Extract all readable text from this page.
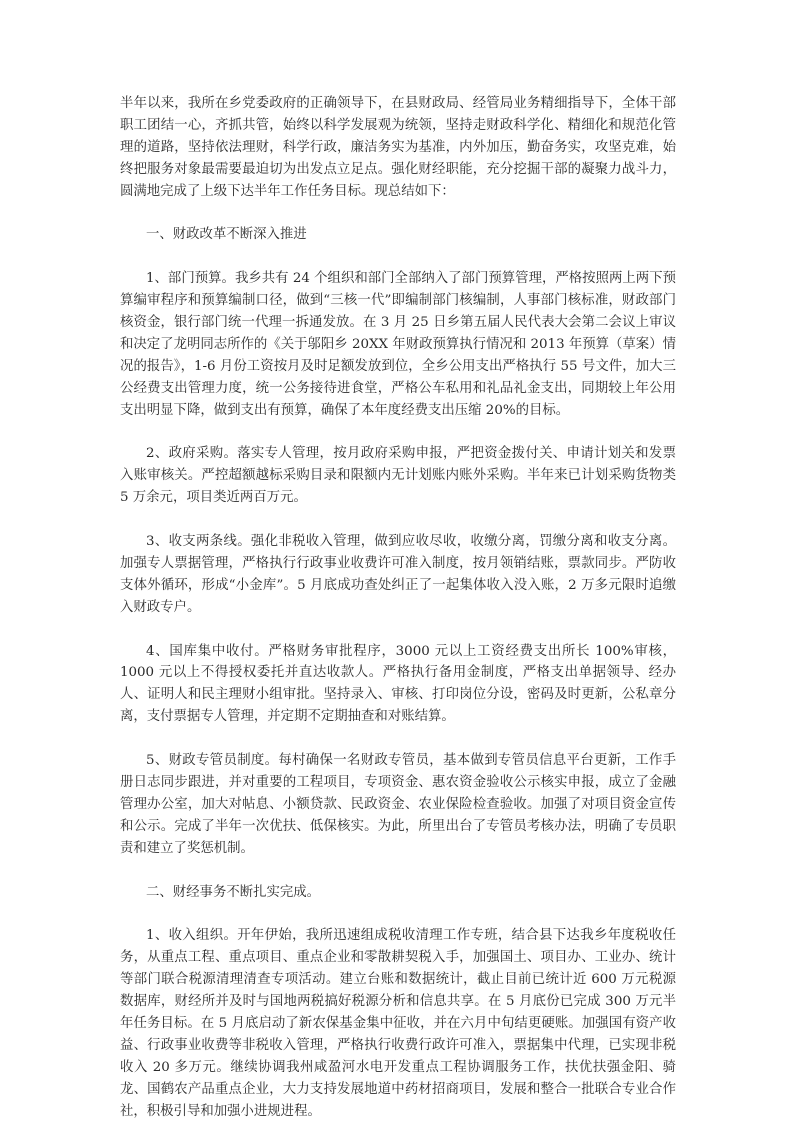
半年以来，我所在乡党委政府的正确领导下，在县财政局、经管局业务精细指导下，全体干部职工团结一心，齐抓共管，始终以科学发展观为统领，坚持走财政科学化、精细化和规范化管理的道路，坚持依法理财，科学行政，廉洁务实为基准，内外加压，勤奋务实，攻坚克难，始终把服务对象最需要最迫切为出发点立足点。强化财经职能，充分挖掘干部的凝聚力战斗力，圆满地完成了上级下达半年工作任务目标。现总结如下：

一、财政改革不断深入推进

1、部门预算。我乡共有 24 个组织和部门全部纳入了部门预算管理，严格按照两上两下预算编审程序和预算编制口径，做到“三核一代”即编制部门核编制，人事部门核标准，财政部门核资金，银行部门统一代理一拆通发放。在 3 月 25 日乡第五届人民代表大会第二会议上审议和决定了龙明同志所作的《关于邬阳乡 20XX 年财政预算执行情况和 2013 年预算（草案）情况的报告》，1-6 月份工资按月及时足额发放到位，全乡公用支出严格执行 55 号文件，加大三公经费支出管理力度，统一公务接待进食堂，严格公车私用和礼品礼金支出，同期较上年公用支出明显下降，做到支出有预算，确保了本年度经费支出压缩 20%的目标。

2、政府采购。落实专人管理，按月政府采购申报，严把资金拨付关、申请计划关和发票入账审核关。严控超额越标采购目录和限额内无计划账内账外采购。半年来已计划采购货物类 5 万余元，项目类近两百万元。

3、收支两条线。强化非税收入管理，做到应收尽收，收缴分离，罚缴分离和收支分离。加强专人票据管理，严格执行行政事业收费许可准入制度，按月领销结账，票款同步。严防收支体外循环，形成“小金库”。5 月底成功查处纠正了一起集体收入没入账，2 万多元限时追缴入财政专户。

4、国库集中收付。严格财务审批程序，3000 元以上工资经费支出所长 100%审核，1000 元以上不得授权委托并直达收款人。严格执行备用金制度，严格支出单据领导、经办人、证明人和民主理财小组审批。坚持录入、审核、打印岗位分设，密码及时更新，公私章分离，支付票据专人管理，并定期不定期抽查和对账结算。

5、财政专管员制度。每村确保一名财政专管员，基本做到专管员信息平台更新，工作手册日志同步跟进，并对重要的工程项目，专项资金、惠农资金验收公示核实申报，成立了金融管理办公室，加大对帖息、小额贷款、民政资金、农业保险检查验收。加强了对项目资金宣传和公示。完成了半年一次优扶、低保核实。为此，所里出台了专管员考核办法，明确了专员职责和建立了奖惩机制。

二、财经事务不断扎实完成。

1、收入组织。开年伊始，我所迅速组成税收清理工作专班，结合县下达我乡年度税收任务，从重点工程、重点项目、重点企业和零散耕契税入手，加强国土、项目办、工业办、统计等部门联合税源清理清查专项活动。建立台账和数据统计，截止目前已统计近 600 万元税源数据库，财经所并及时与国地两税搞好税源分析和信息共享。在 5 月底份已完成 300 万元半年任务目标。在 5 月底启动了新农保基金集中征收，并在六月中旬结更硬账。加强国有资产收益、行政事业收费等非税收入管理，严格执行收费行政许可准入，票据集中代理，已实现非税收入 20 多万元。继续协调我州咸盈河水电开发重点工程协调服务工作，扶优扶强金阳、骑龙、国鹤农产品重点企业，大力支持发展地道中药材招商项目，发展和整合一批联合专业合作社，积极引导和加强小进规进程。
